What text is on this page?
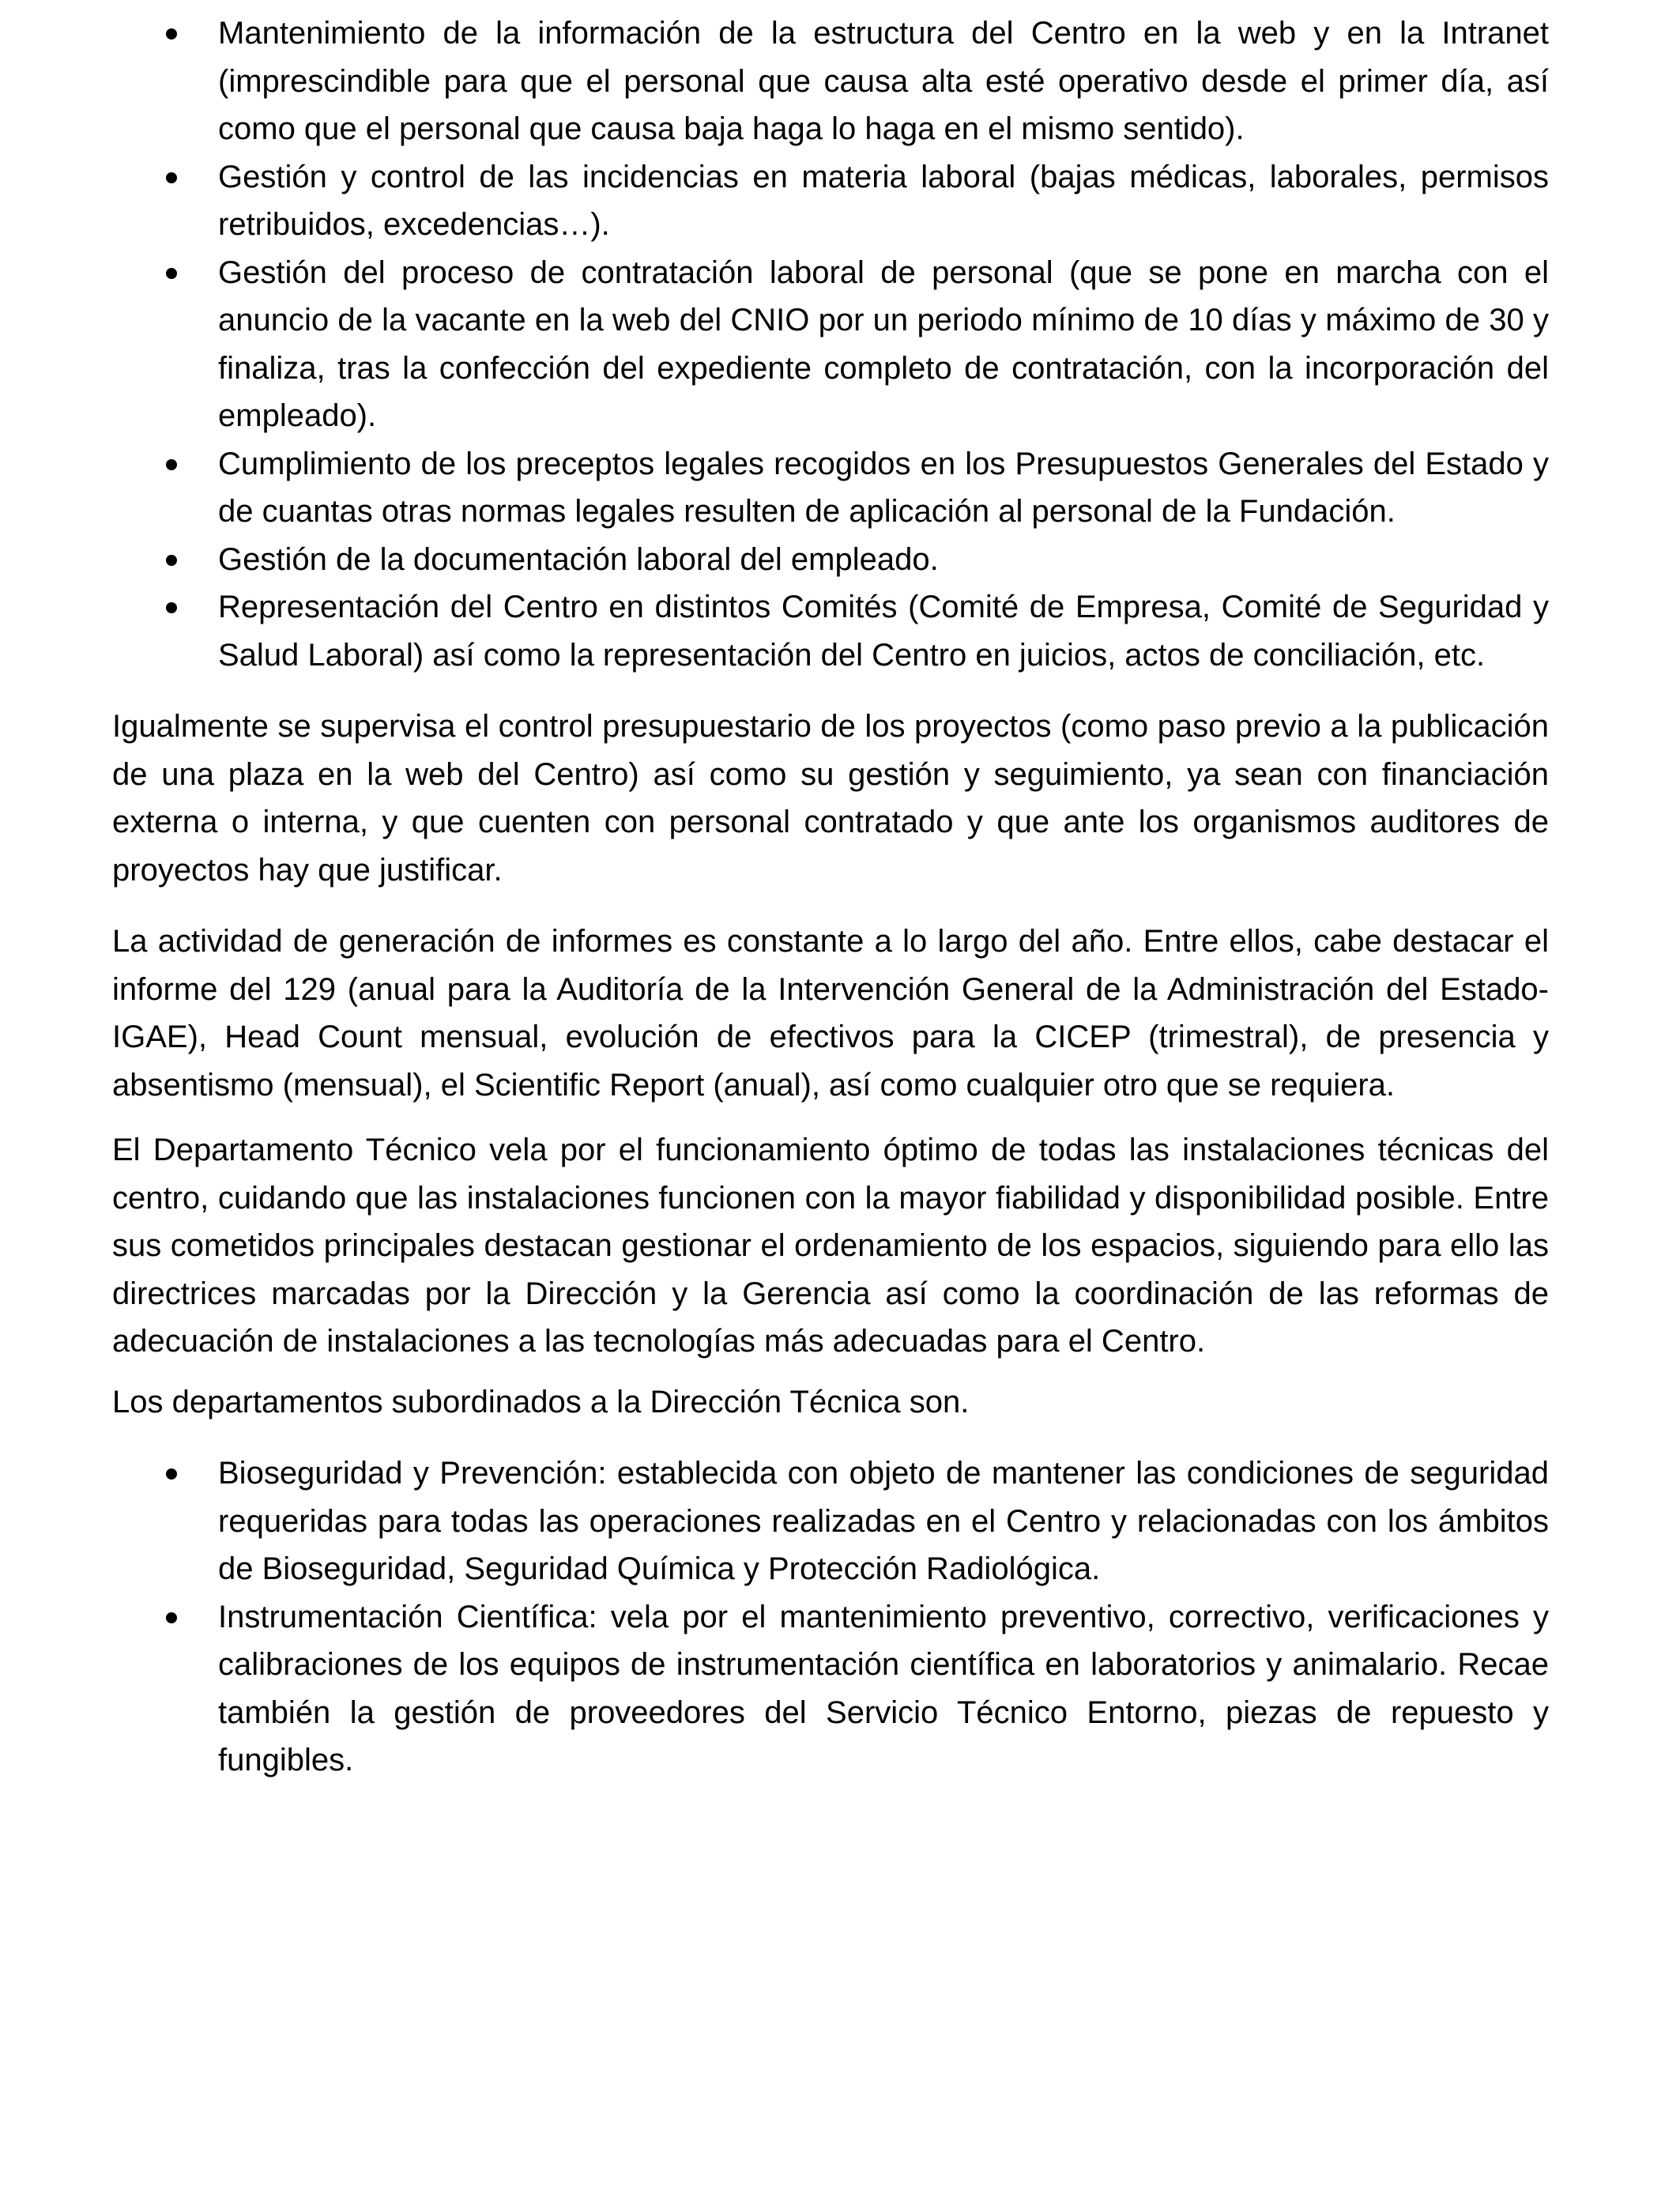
Mantenimiento de la información de la estructura del Centro en la web y en la Intranet (imprescindible para que el personal que causa alta esté operativo desde el primer día, así como que el personal que causa baja haga lo haga en el mismo sentido).
Gestión y control de las incidencias en materia laboral (bajas médicas, laborales, permisos retribuidos, excedencias…).
Gestión del proceso de contratación laboral de personal (que se pone en marcha con el anuncio de la vacante en la web del CNIO por un periodo mínimo de 10 días y máximo de 30 y finaliza, tras la confección del expediente completo de contratación, con la incorporación del empleado).
Cumplimiento de los preceptos legales recogidos en los Presupuestos Generales del Estado y de cuantas otras normas legales resulten de aplicación al personal de la Fundación.
Gestión de la documentación laboral del empleado.
Representación del Centro en distintos Comités (Comité de Empresa, Comité de Seguridad y Salud Laboral) así como la representación del Centro en juicios, actos de conciliación, etc.

Igualmente se supervisa el control presupuestario de los proyectos (como paso previo a la publicación de una plaza en la web del Centro) así como su gestión y seguimiento, ya sean con financiación externa o interna, y que cuenten con personal contratado y que ante los organismos auditores de proyectos hay que justificar.

La actividad de generación de informes es constante a lo largo del año. Entre ellos, cabe destacar el informe del 129 (anual para la Auditoría de la Intervención General de la Administración del Estado-IGAE), Head Count mensual, evolución de efectivos para la CICEP (trimestral), de presencia y absentismo (mensual), el Scientific Report (anual), así como cualquier otro que se requiera.

El Departamento Técnico vela por el funcionamiento óptimo de todas las instalaciones técnicas del centro, cuidando que las instalaciones funcionen con la mayor fiabilidad y disponibilidad posible. Entre sus cometidos principales destacan gestionar el ordenamiento de los espacios, siguiendo para ello las directrices marcadas por la Dirección y la Gerencia así como la coordinación de las reformas de adecuación de instalaciones a las tecnologías más adecuadas para el Centro.

Los departamentos subordinados a la Dirección Técnica son.

Bioseguridad y Prevención: establecida con objeto de mantener las condiciones de seguridad requeridas para todas las operaciones realizadas en el Centro y relacionadas con los ámbitos de Bioseguridad, Seguridad Química y Protección Radiológica.
Instrumentación Científica: vela por el mantenimiento preventivo, correctivo, verificaciones y calibraciones de los equipos de instrumentación científica en laboratorios y animalario. Recae también la gestión de proveedores del Servicio Técnico Entorno, piezas de repuesto y fungibles.
